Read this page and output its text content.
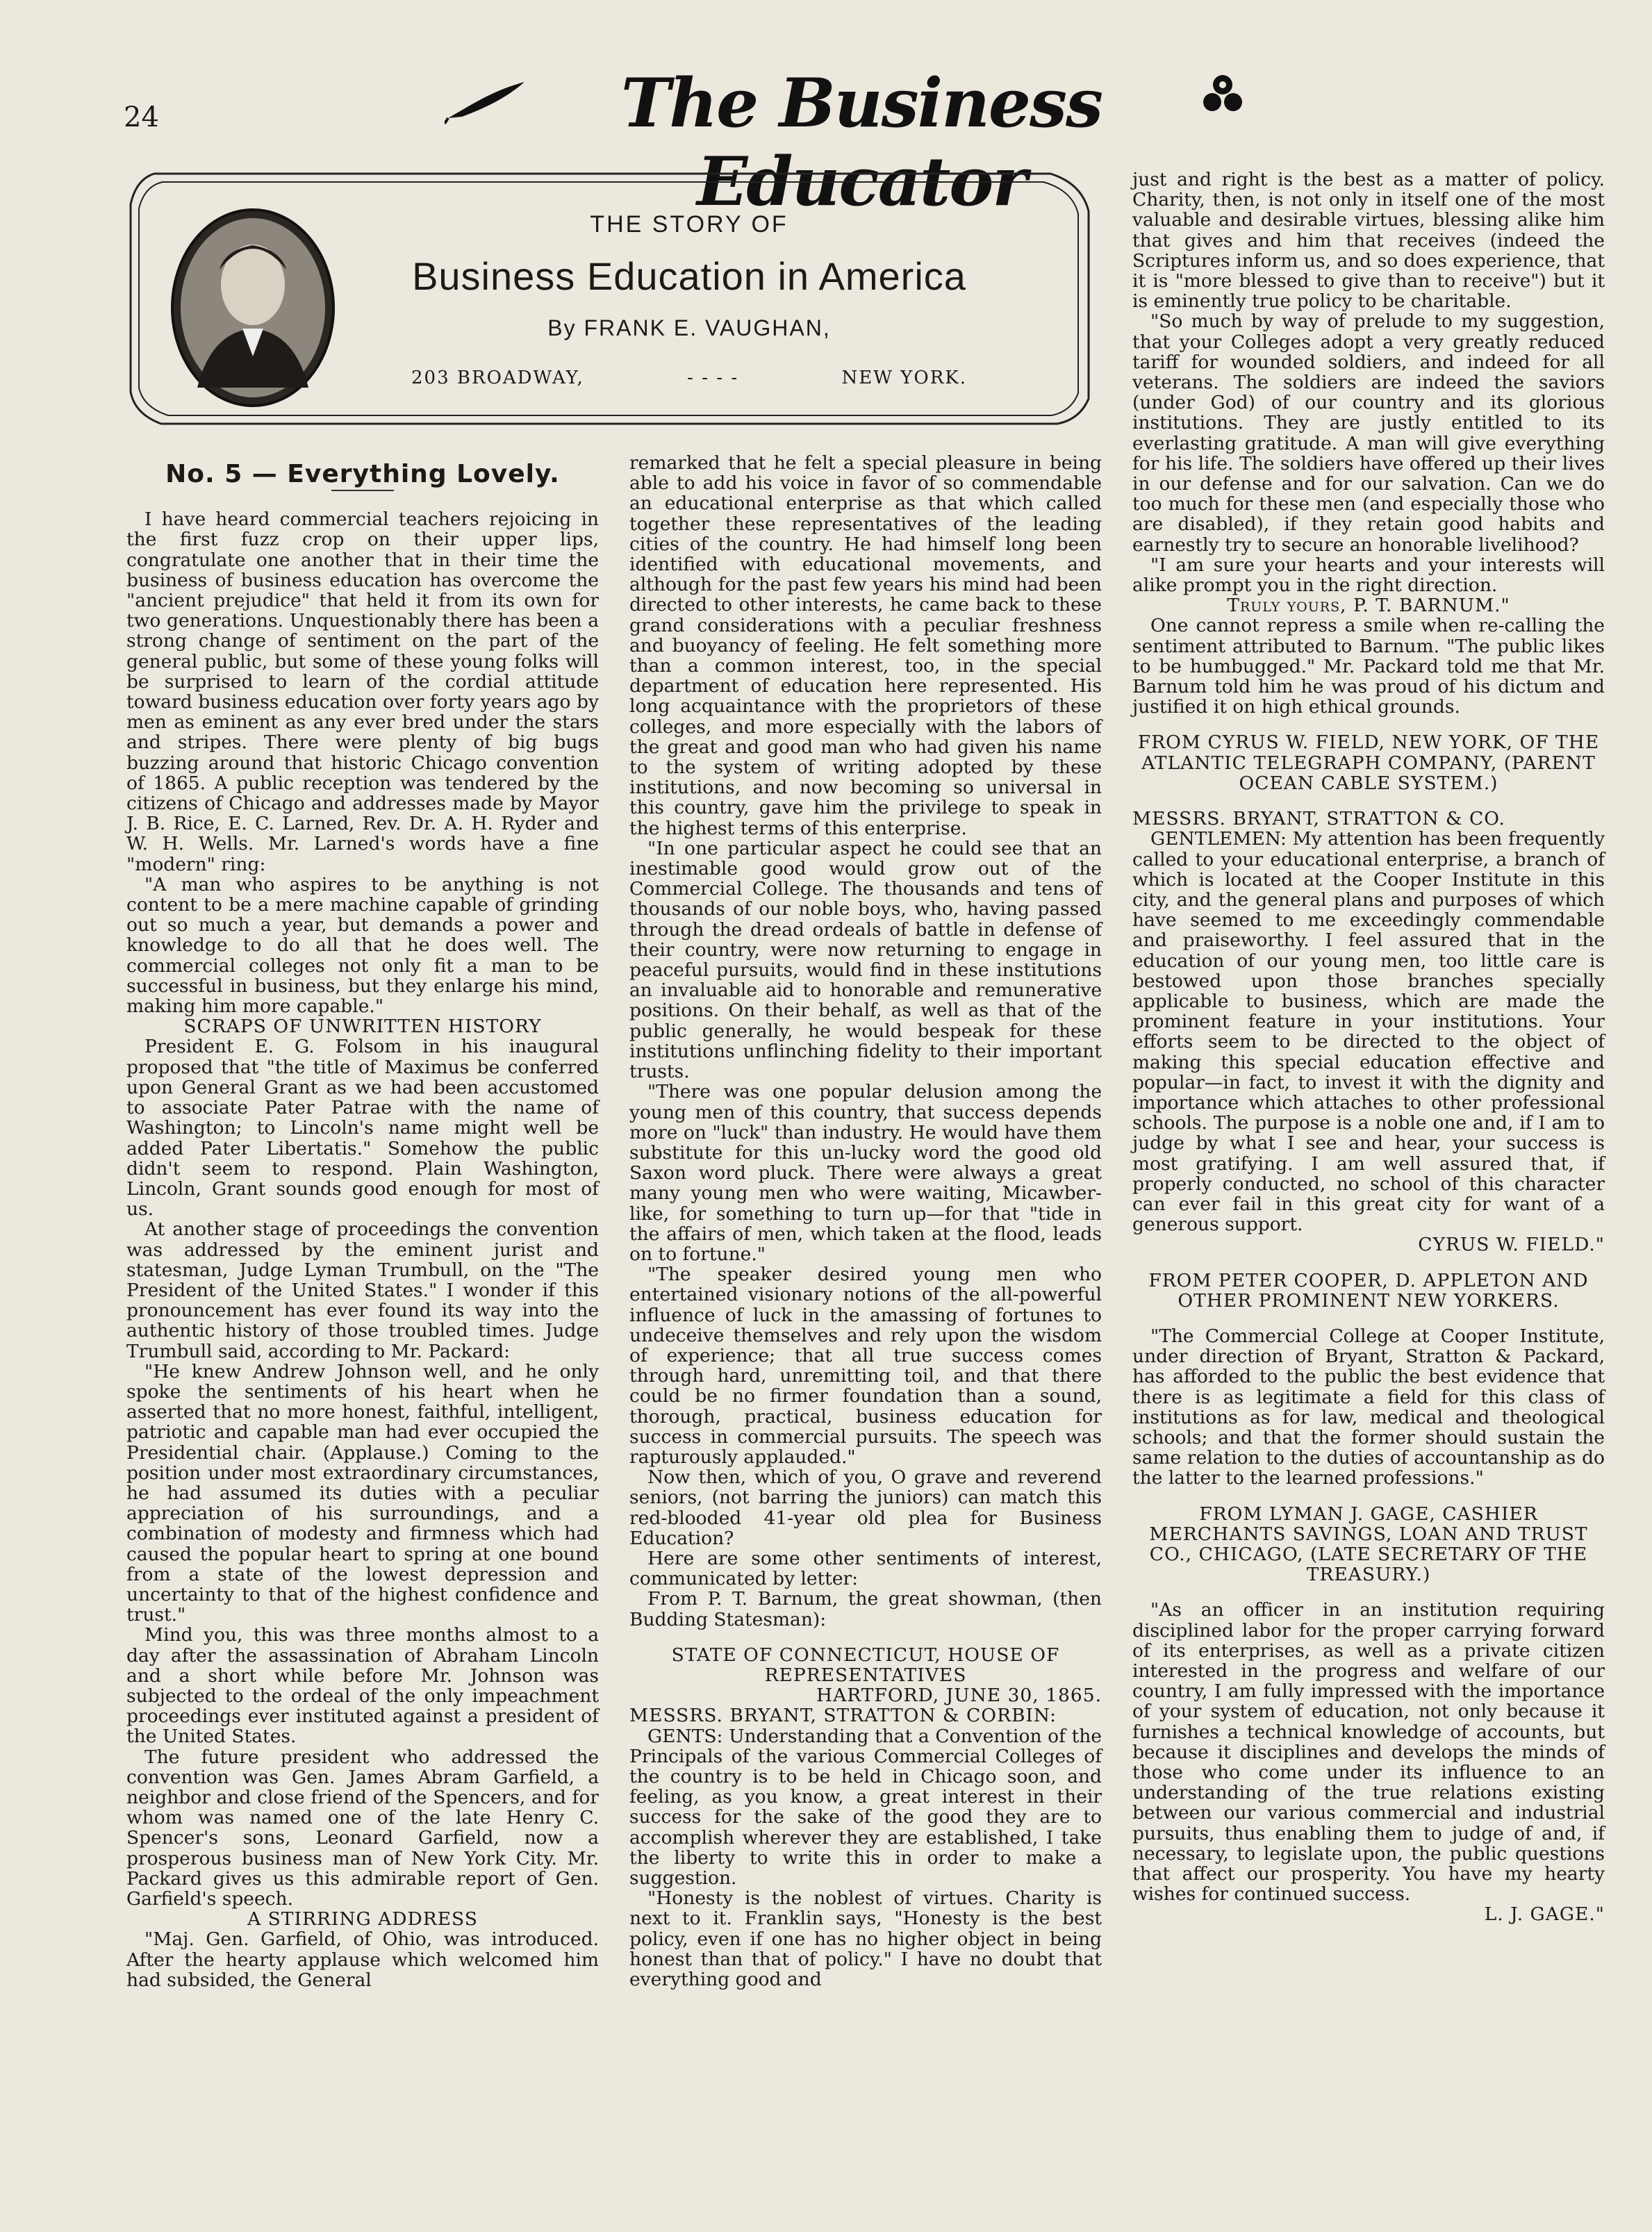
24	The Business Educator
THE STORY OF
Business Education in America
By FRANK E. VAUGHAN,
203 BROADWAY,	- - - -	NEW YORK.
No. 5 — Everything Lovely.

I have heard commercial teachers rejoicing in the first fuzz crop on their upper lips, congratulate one another that in their time the business of business education has overcome the "ancient prejudice" that held it from its own for two generations. Unquestionably there has been a strong change of sentiment on the part of the general public, but some of these young folks will be surprised to learn of the cordial attitude toward business education over forty years ago by men as eminent as any ever bred under the stars and stripes. There were plenty of big bugs buzzing around that historic Chicago convention of 1865. A public reception was tendered by the citizens of Chicago and addresses made by Mayor J. B. Rice, E. C. Larned, Rev. Dr. A. H. Ryder and W. H. Wells. Mr. Larned's words have a fine "modern" ring:

"A man who aspires to be anything is not content to be a mere machine capable of grinding out so much a year, but demands a power and knowledge to do all that he does well. The commercial colleges not only fit a man to be successful in business, but they enlarge his mind, making him more capable."

SCRAPS OF UNWRITTEN HISTORY

President E. G. Folsom in his inaugural proposed that "the title of Maximus be conferred upon General Grant as we had been accustomed to associate Pater Patrae with the name of Washington; to Lincoln's name might well be added Pater Libertatis." Somehow the public didn't seem to respond. Plain Washington, Lincoln, Grant sounds good enough for most of us.

At another stage of proceedings the convention was addressed by the eminent jurist and statesman, Judge Lyman Trumbull, on the "The President of the United States." I wonder if this pronouncement has ever found its way into the authentic history of those troubled times. Judge Trumbull said, according to Mr. Packard:

"He knew Andrew Johnson well, and he only spoke the sentiments of his heart when he asserted that no more honest, faithful, intelligent, patriotic and capable man had ever occupied the Presidential chair. (Applause.) Coming to the position under most extraordinary circumstances, he had assumed its duties with a peculiar appreciation of his surroundings, and a combination of modesty and firmness which had caused the popular heart to spring at one bound from a state of the lowest depression and uncertainty to that of the highest confidence and trust."

Mind you, this was three months almost to a day after the assassination of Abraham Lincoln and a short while before Mr. Johnson was subjected to the ordeal of the only impeachment proceedings ever instituted against a president of the United States.

The future president who addressed the convention was Gen. James Abram Garfield, a neighbor and close friend of the Spencers, and for whom was named one of the late Henry C. Spencer's sons, Leonard Garfield, now a prosperous business man of New York City. Mr. Packard gives us this admirable report of Gen. Garfield's speech.

A STIRRING ADDRESS

"Maj. Gen. Garfield, of Ohio, was introduced. After the hearty applause which welcomed him had subsided, the General

remarked that he felt a special pleasure in being able to add his voice in favor of so commendable an educational enterprise as that which called together these representatives of the leading cities of the country. He had himself long been identified with educational movements, and although for the past few years his mind had been directed to other interests, he came back to these grand considerations with a peculiar freshness and buoyancy of feeling. He felt something more than a common interest, too, in the special department of education here represented. His long acquaintance with the proprietors of these colleges, and more especially with the labors of the great and good man who had given his name to the system of writing adopted by these institutions, and now becoming so universal in this country, gave him the privilege to speak in the highest terms of this enterprise.

"In one particular aspect he could see that an inestimable good would grow out of the Commercial College. The thousands and tens of thousands of our noble boys, who, having passed through the dread ordeals of battle in defense of their country, were now returning to engage in peaceful pursuits, would find in these institutions an invaluable aid to honorable and remunerative positions. On their behalf, as well as that of the public generally, he would bespeak for these institutions unflinching fidelity to their important trusts.

"There was one popular delusion among the young men of this country, that success depends more on "luck" than industry. He would have them substitute for this un-lucky word the good old Saxon word pluck. There were always a great many young men who were waiting, Micawber-like, for something to turn up—for that "tide in the affairs of men, which taken at the flood, leads on to fortune."

"The speaker desired young men who entertained visionary notions of the all-powerful influence of luck in the amassing of fortunes to undeceive themselves and rely upon the wisdom of experience; that all true success comes through hard, unremitting toil, and that there could be no firmer foundation than a sound, thorough, practical, business education for success in commercial pursuits. The speech was rapturously applauded."

Now then, which of you, O grave and reverend seniors, (not barring the juniors) can match this red-blooded 41-year old plea for Business Education?

Here are some other sentiments of interest, communicated by letter:

From P. T. Barnum, the great showman, (then Budding Statesman):

STATE OF CONNECTICUT, HOUSE OF REPRESENTATIVES

HARTFORD, JUNE 30, 1865.

MESSRS. BRYANT, STRATTON & CORBIN:

GENTS: Understanding that a Convention of the Principals of the various Commercial Colleges of the country is to be held in Chicago soon, and feeling, as you know, a great interest in their success for the sake of the good they are to accomplish wherever they are established, I take the liberty to write this in order to make a suggestion.

"Honesty is the noblest of virtues. Charity is next to it. Franklin says, "Honesty is the best policy, even if one has no higher object in being honest than that of policy." I have no doubt that everything good and

just and right is the best as a matter of policy. Charity, then, is not only in itself one of the most valuable and desirable virtues, blessing alike him that gives and him that receives (indeed the Scriptures inform us, and so does experience, that it is "more blessed to give than to receive") but it is eminently true policy to be charitable.

"So much by way of prelude to my suggestion, that your Colleges adopt a very greatly reduced tariff for wounded soldiers, and indeed for all veterans. The soldiers are indeed the saviors (under God) of our country and its glorious institutions. They are justly entitled to its everlasting gratitude. A man will give everything for his life. The soldiers have offered up their lives in our defense and for our salvation. Can we do too much for these men (and especially those who are disabled), if they retain good habits and earnestly try to secure an honorable livelihood?

"I am sure your hearts and your interests will alike prompt you in the right direction.

Truly yours, P. T. BARNUM."

One cannot repress a smile when re-calling the sentiment attributed to Barnum. "The public likes to be humbugged." Mr. Packard told me that Mr. Barnum told him he was proud of his dictum and justified it on high ethical grounds.

FROM CYRUS W. FIELD, NEW YORK, OF THE ATLANTIC TELEGRAPH COMPANY, (PARENT OCEAN CABLE SYSTEM.)

MESSRS. BRYANT, STRATTON & CO.

GENTLEMEN: My attention has been frequently called to your educational enterprise, a branch of which is located at the Cooper Institute in this city, and the general plans and purposes of which have seemed to me exceedingly commendable and praiseworthy. I feel assured that in the education of our young men, too little care is bestowed upon those branches specially applicable to business, which are made the prominent feature in your institutions. Your efforts seem to be directed to the object of making this special education effective and popular—in fact, to invest it with the dignity and importance which attaches to other professional schools. The purpose is a noble one and, if I am to judge by what I see and hear, your success is most gratifying. I am well assured that, if properly conducted, no school of this character can ever fail in this great city for want of a generous support.

CYRUS W. FIELD."

FROM PETER COOPER, D. APPLETON AND OTHER PROMINENT NEW YORKERS.

"The Commercial College at Cooper Institute, under direction of Bryant, Stratton & Packard, has afforded to the public the best evidence that there is as legitimate a field for this class of institutions as for law, medical and theological schools; and that the former should sustain the same relation to the duties of accountanship as do the latter to the learned professions."

FROM LYMAN J. GAGE, CASHIER MERCHANTS SAVINGS, LOAN AND TRUST CO., CHICAGO, (LATE SECRETARY OF THE TREASURY.)

"As an officer in an institution requiring disciplined labor for the proper carrying forward of its enterprises, as well as a private citizen interested in the progress and welfare of our country, I am fully impressed with the importance of your system of education, not only because it furnishes a technical knowledge of accounts, but because it disciplines and develops the minds of those who come under its influence to an understanding of the true relations existing between our various commercial and industrial pursuits, thus enabling them to judge of and, if necessary, to legislate upon, the public questions that affect our prosperity. You have my hearty wishes for continued success.

L. J. GAGE."
